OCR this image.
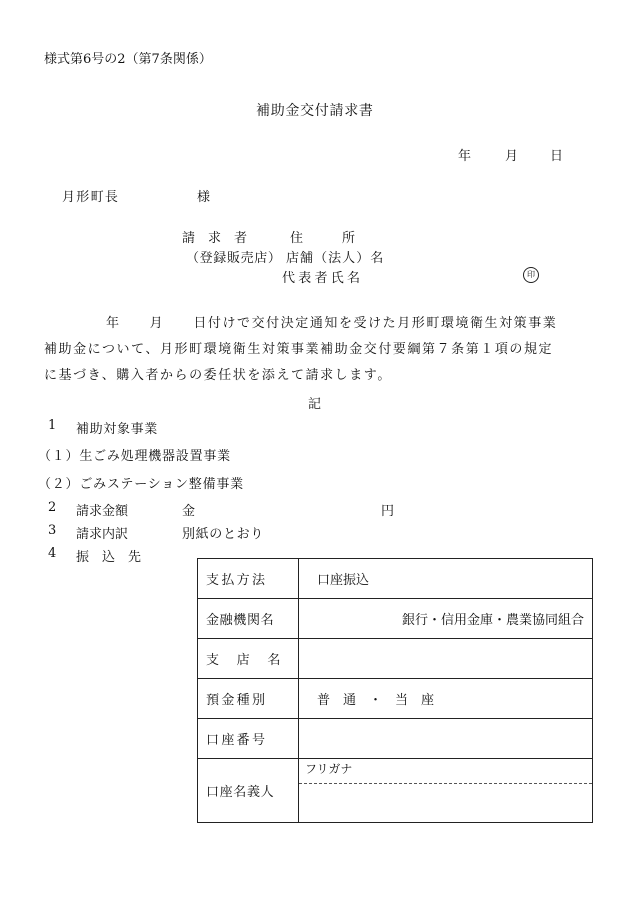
様式第6号の2（第7条関係）
補助金交付請求書
年	月 日
月形町長	様
請　求　者	住　　　所
（登録販売店） 店舗（法人）名
代表者氏名	印
年　　月　　日付けで交付決定通知を受けた月形町環境衛生対策事業
補助金について、月形町環境衛生対策事業補助金交付要綱第７条第１項の規定
に基づき、購入者からの委任状を添えて請求します。
記
1 補助対象事業
（１）生ごみ処理機器設置事業
（２）ごみステーション整備事業
2 請求金額	金	円
3 請求内訳	別紙のとおり
4 振　込　先
支払方法	口座振込
金融機関名	銀行・信用金庫・農業協同組合
支　店　名	
預金種別	普　通　・　当　座
口座番号	
口座名義人	フリガナ
